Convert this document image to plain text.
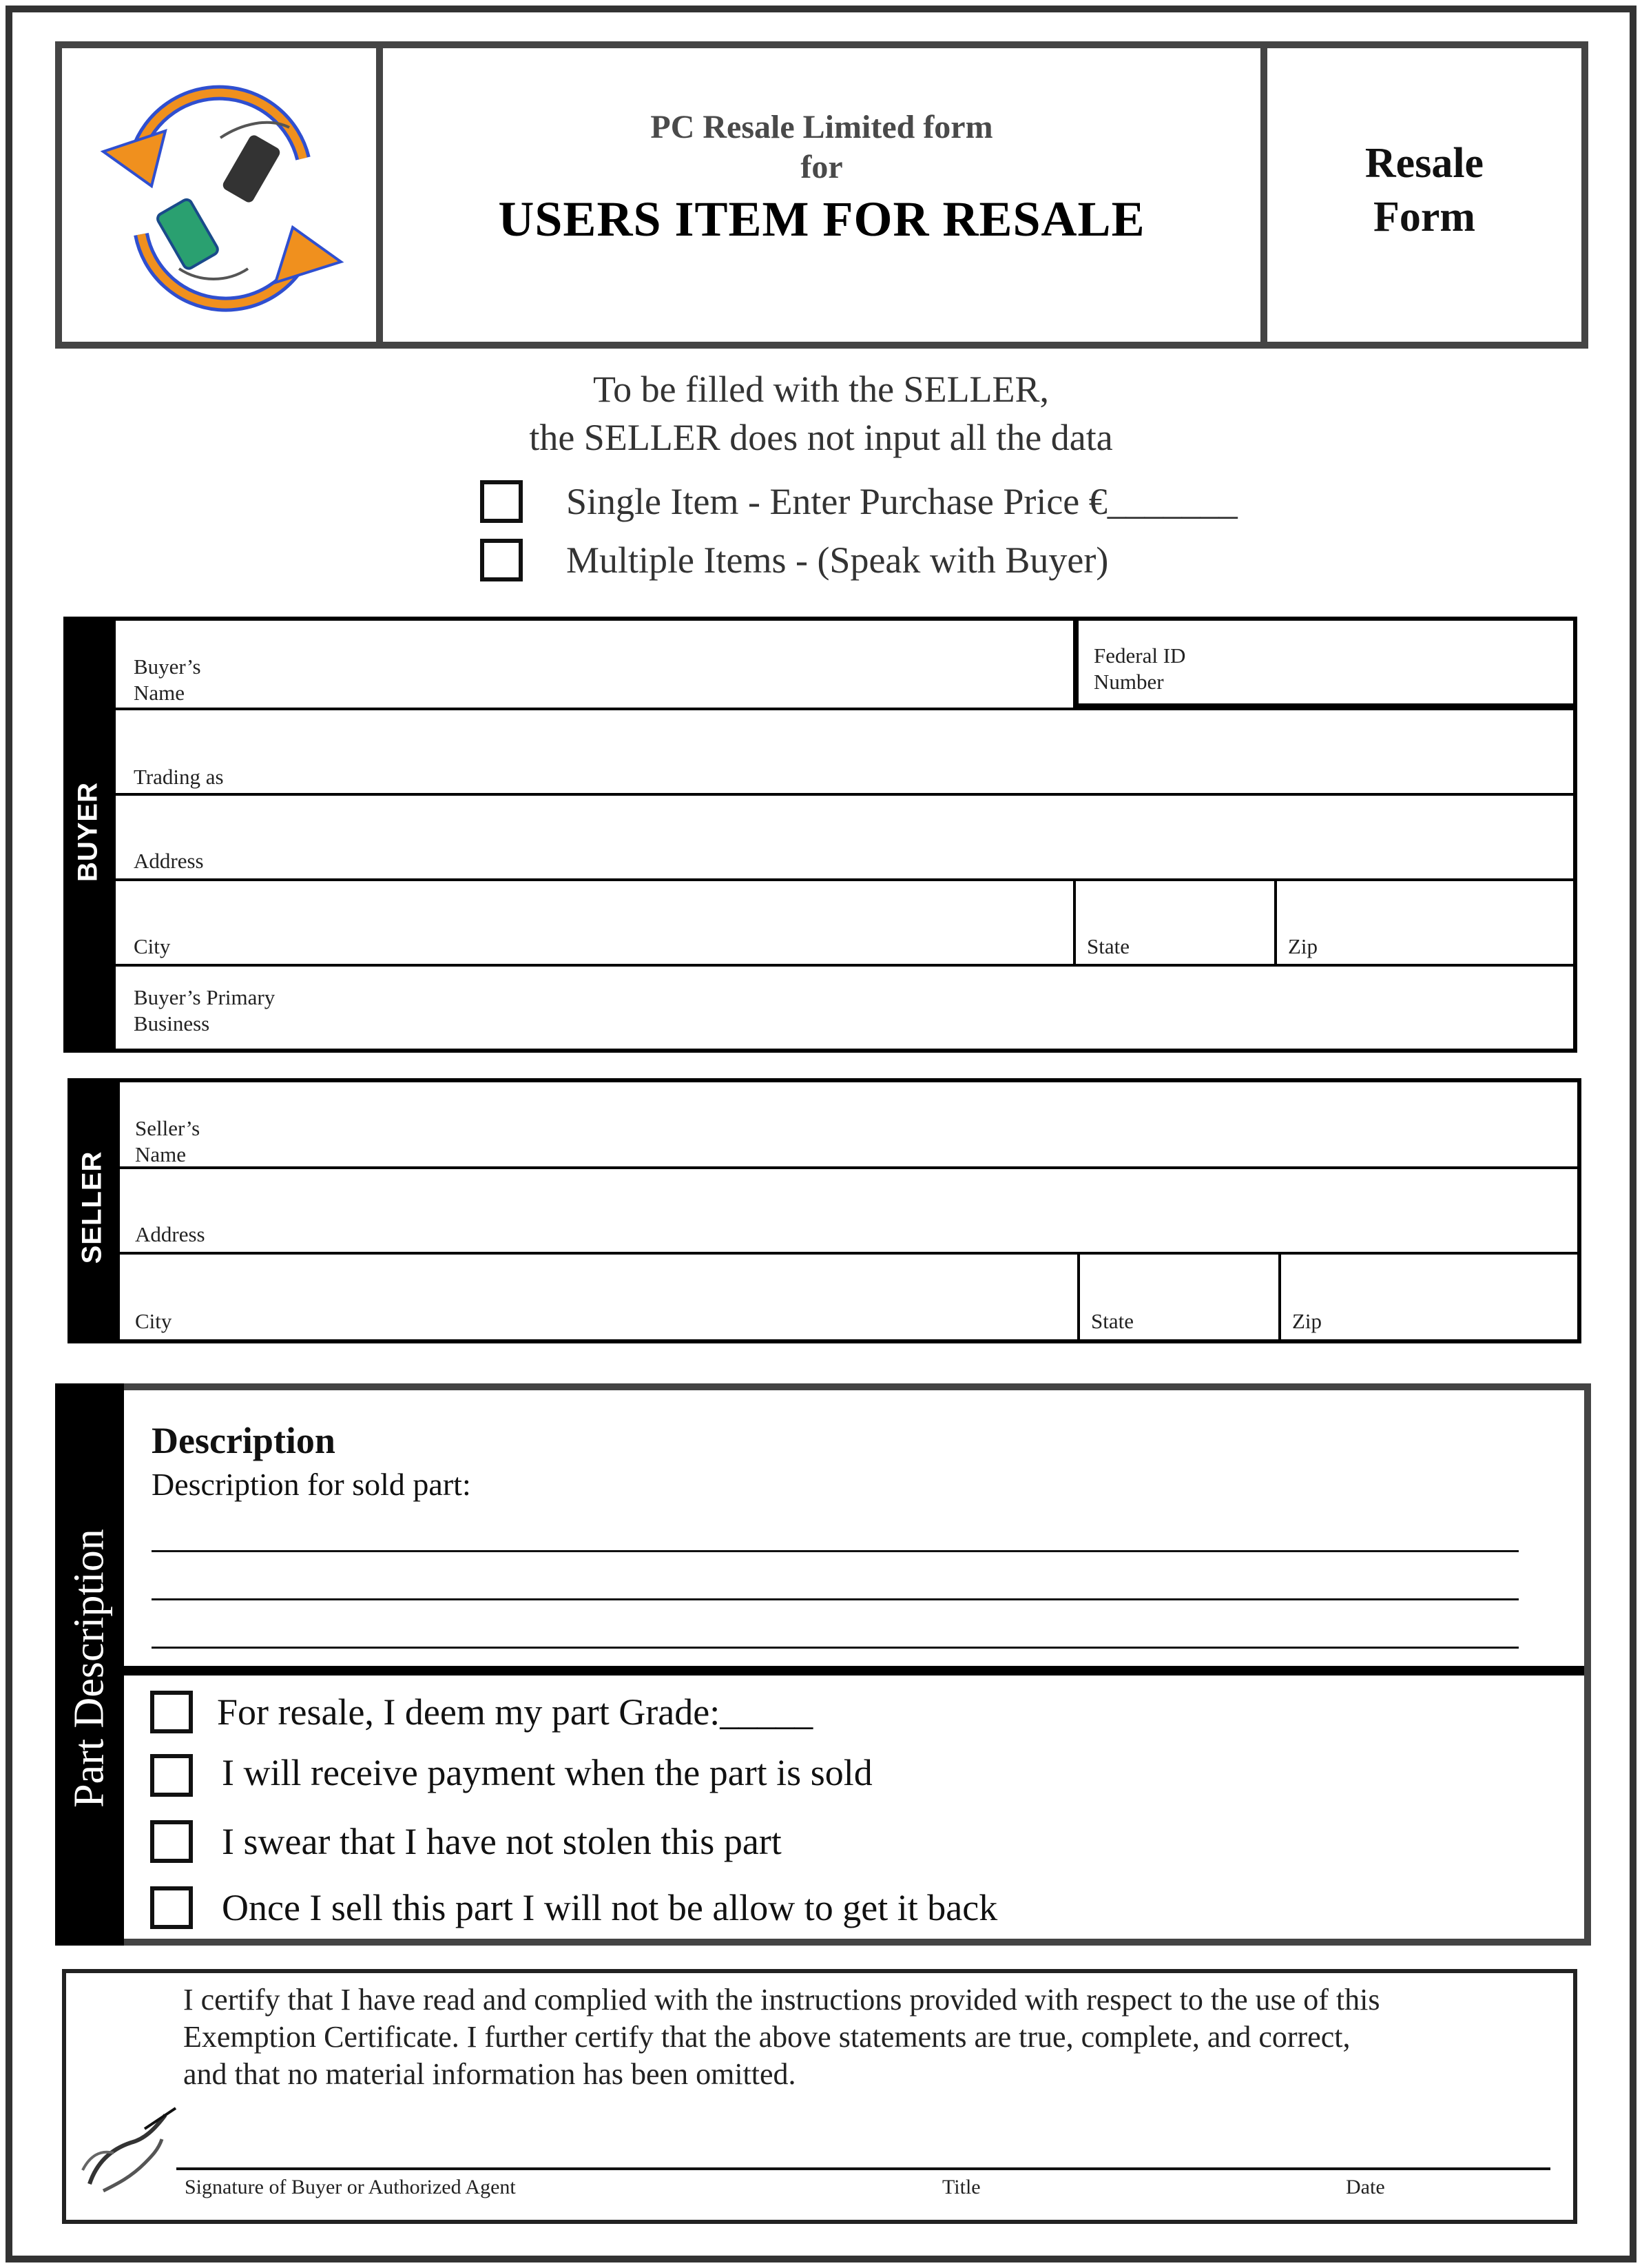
PC Resale Limited form
for
USERS ITEM FOR RESALE
Resale
Form
To be filled with the SELLER,
the SELLER does not input all the data
Single Item - Enter Purchase Price €_______
Multiple Items - (Speak with Buyer)
BUYER
Buyer’s
Name
Federal ID
Number
Trading as
Address
City	State	Zip
Buyer’s Primary
Business
SELLER
Seller’s
Name
Address
City	State	Zip
Part Description
Description
Description for sold part:
For resale, I deem my part Grade:_____
I will receive payment when the part is sold
I swear that I have not stolen this part
Once I sell this part I will not be allow to get it back
I certify that I have read and complied with the instructions provided with respect to the use of this
Exemption Certificate. I further certify that the above statements are true, complete, and correct,
and that no material information has been omitted.
Signature of Buyer or Authorized Agent	Title	Date
